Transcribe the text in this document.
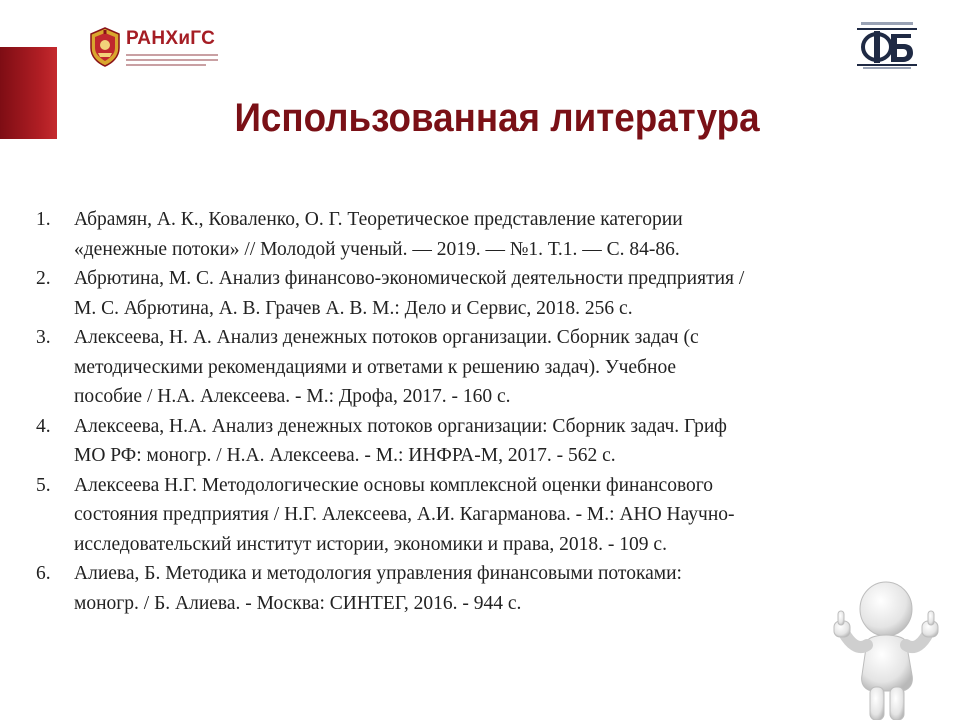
РАНХиГС
Использованная литература
1. Абрамян, А. К., Коваленко, О. Г. Теоретическое представление категории
«денежные потоки» // Молодой ученый. — 2019. — №1. Т.1. — С. 84-86.
2. Абрютина, М. С. Анализ финансово-экономической деятельности предприятия /
М. С. Абрютина, А. В. Грачев А. В. М.: Дело и Сервис, 2018. 256 с.
3. Алексеева, Н. А. Анализ денежных потоков организации. Сборник задач (с
методическими рекомендациями и ответами к решению задач). Учебное
пособие / Н.А. Алексеева. - М.: Дрофа, 2017. - 160 с.
4. Алексеева, Н.А. Анализ денежных потоков организации: Сборник задач. Гриф
МО РФ: моногр. / Н.А. Алексеева. - М.: ИНФРА-М, 2017. - 562 с.
5. Алексеева Н.Г. Методологические основы комплексной оценки финансового
состояния предприятия / Н.Г. Алексеева, А.И. Кагарманова. - М.: АНО Научно-
исследовательский институт истории, экономики и права, 2018. - 109 с.
6. Алиева, Б. Методика и методология управления финансовыми потоками:
моногр. / Б. Алиева. - Москва: СИНТЕГ, 2016. - 944 с.
